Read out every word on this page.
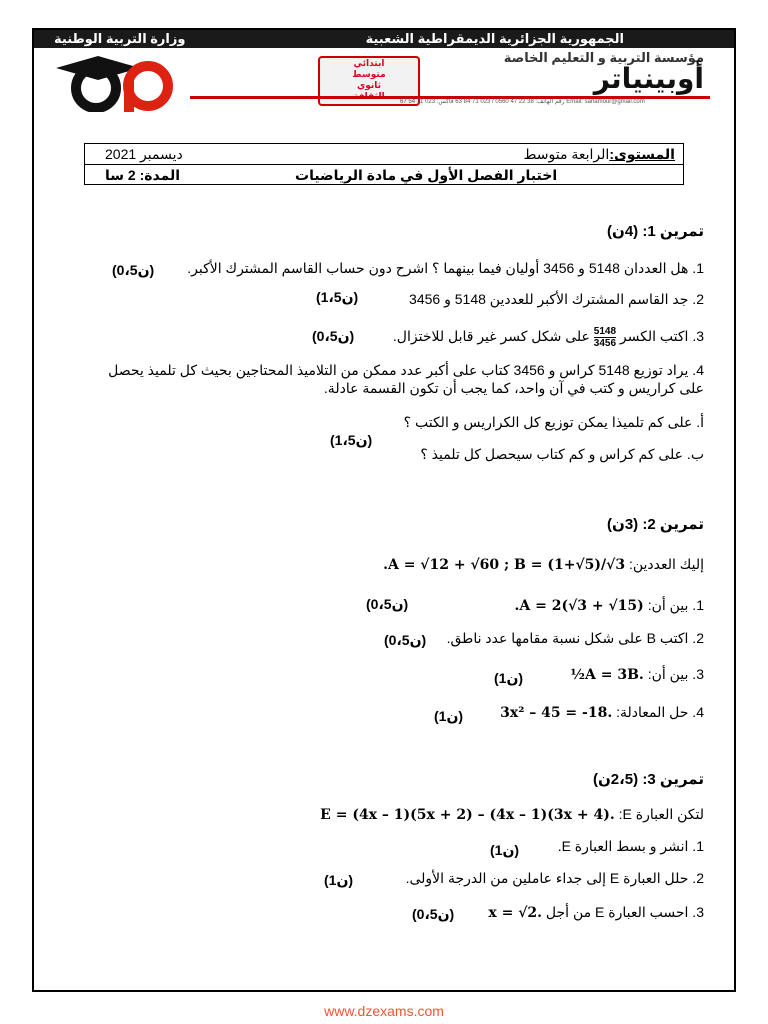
وزارة التربية الوطنية	الجمهورية الجزائرية الديمقراطية الشعبية
ابتدائي
متوسط
ثانوي
مؤسسة التربية و التعليم الخاصة
أوبينياتر
رقم الهاتف: 38 22 47 0560 / 023 71 84 63 فاكس: 023 71 54 67 Email: sarlamour@gmail.com
المستوى:الرابعة متوسط
ديسمبر 2021
اختبار الفصل الأول في مادة الرياضيات
المدة: 2 سا
تمرين 1: (4ن)
1. هل العددان 5148 و 3456 أوليان فيما بينهما ؟ اشرح دون حساب القاسم المشترك الأكبر.
(0،5ن)
2. جد القاسم المشترك الأكبر للعددين 5148 و 3456
(1،5ن)
3. اكتب الكسر
$\frac{5148}{3456}$
على شكل كسر غير قابل للاختزال.
(0،5ن)
4. يراد توزيع 5148 كراس و 3456 كتاب على أكبر عدد ممكن من التلاميذ المحتاجين بحيث كل تلميذ يحصل
على كراريس و كتب في آن واحد، كما يجب أن تكون القسمة عادلة.
أ. على كم تلميذا يمكن توزيع كل الكراريس و الكتب ؟
ب. على كم كراس و كم كتاب سيحصل كل تلميذ ؟
(1،5ن)
تمرين 2: (3ن)
إليك العددين: .A = √12 + √60 ; B = (1+√5)/√3
1. بين أن: .A = 2(√3 + √15)
(0،5ن)
2. اكتب B على شكل نسبة مقامها عدد ناطق.
(0،5ن)
3. بين أن: ½A = 3B.
(1ن)
4. حل المعادلة: 3x² – 45 = -18.
(1ن)
تمرين 3: (2،5ن)
لتكن العبارة E: E = (4x – 1)(5x + 2) – (4x – 1)(3x + 4).
1. انشر و بسط العبارة E.
(1ن)
2. حلل العبارة E إلى جداء عاملين من الدرجة الأولى.
(1ن)
3. احسب العبارة E من أجل x = √2.
(0،5ن)
www.dzexams.com
